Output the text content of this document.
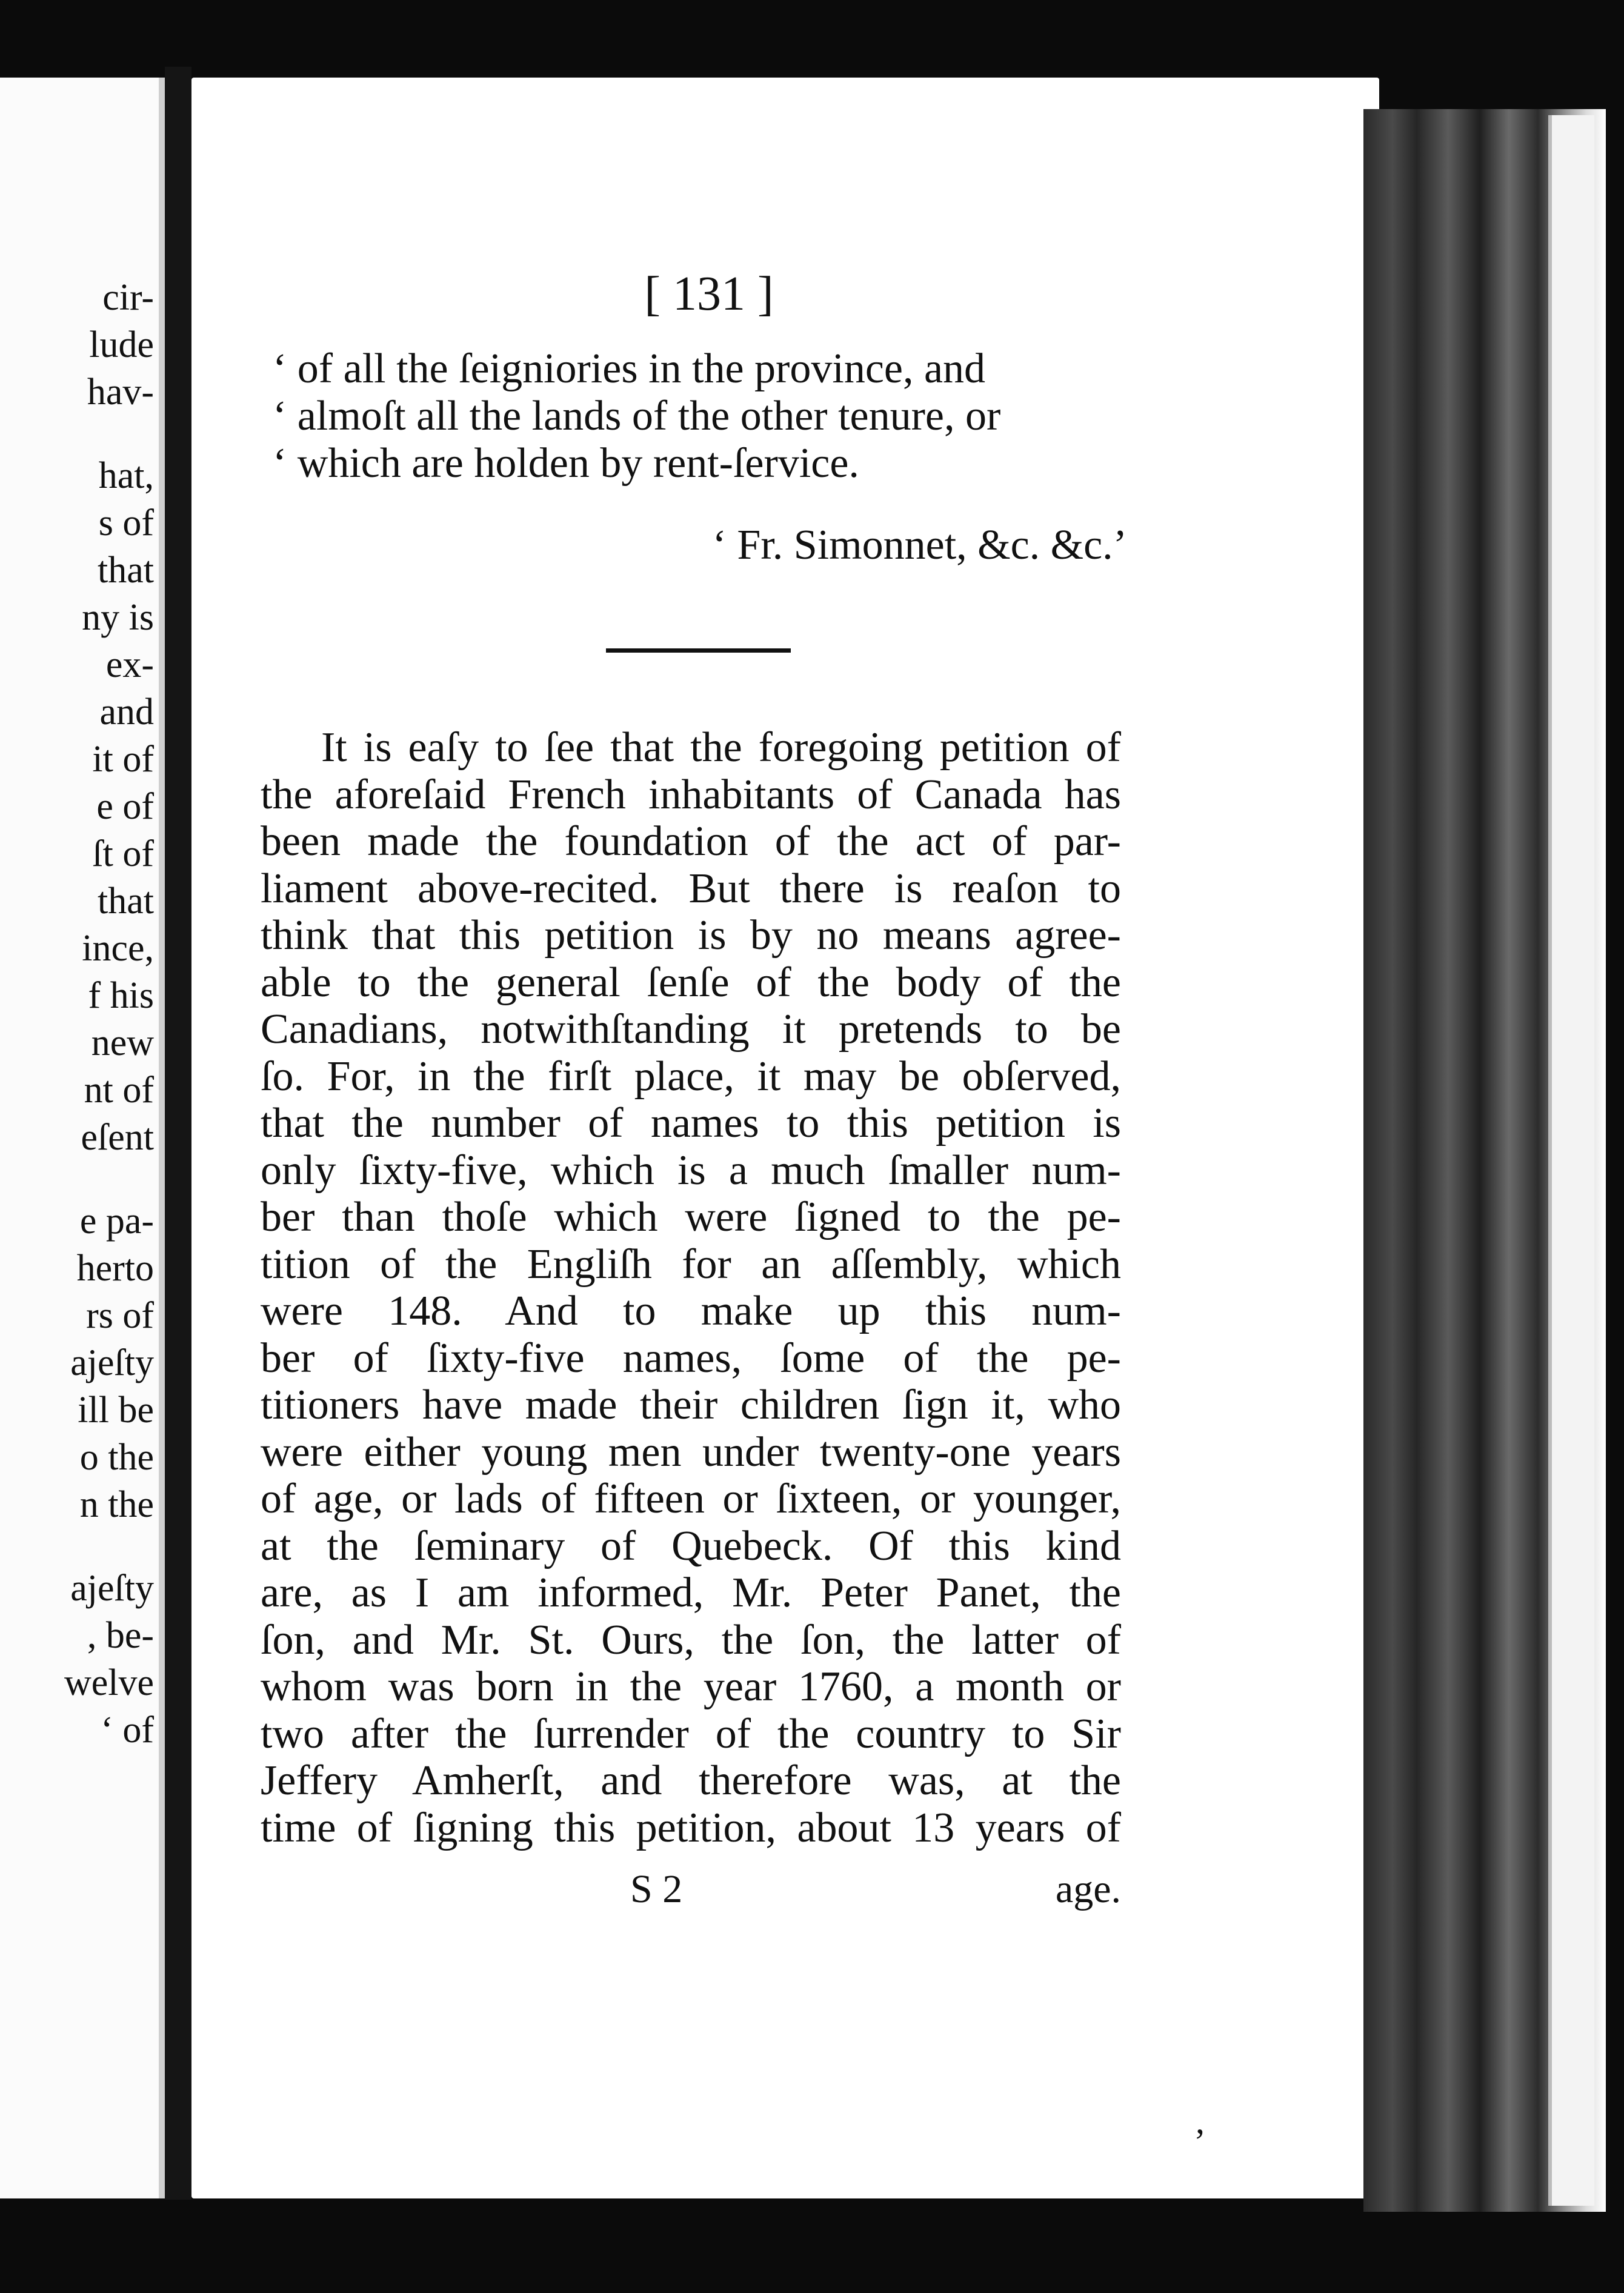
cir-
lude
hav-
hat,
s of
that
ny is
ex-
and
it of
e of
ſt of
that
ince,
f his
new
nt of
eſent
e pa-
herto
rs of
ajeſty
ill be
o the
n the
ajeſty
, be-
welve
‘ of
[ 131 ]
‘ of all the ſeigniories in the province, and
‘ almoſt all the lands of the other tenure, or
‘ which are holden by rent-ſervice.
‘ Fr. Simonnet, &c. &c.’
It is eaſy to ſee that the foregoing petition of
the aforeſaid French inhabitants of Canada has
been made the foundation of the act of par-
liament above-recited. But there is reaſon to
think that this petition is by no means agree-
able to the general ſenſe of the body of the
Canadians, notwithſtanding it pretends to be
ſo. For, in the firſt place, it may be obſerved,
that the number of names to this petition is
only ſixty-five, which is a much ſmaller num-
ber than thoſe which were ſigned to the pe-
tition of the Engliſh for an aſſembly, which
were 148. And to make up this num-
ber of ſixty-five names, ſome of the pe-
titioners have made their children ſign it, who
were either young men under twenty-one years
of age, or lads of fifteen or ſixteen, or younger,
at the ſeminary of Quebeck. Of this kind
are, as I am informed, Mr. Peter Panet, the
ſon, and Mr. St. Ours, the ſon, the latter of
whom was born in the year 1760, a month or
two after the ſurrender of the country to Sir
Jeffery Amherſt, and therefore was, at the
time of ſigning this petition, about 13 years of
S 2	age.
’
